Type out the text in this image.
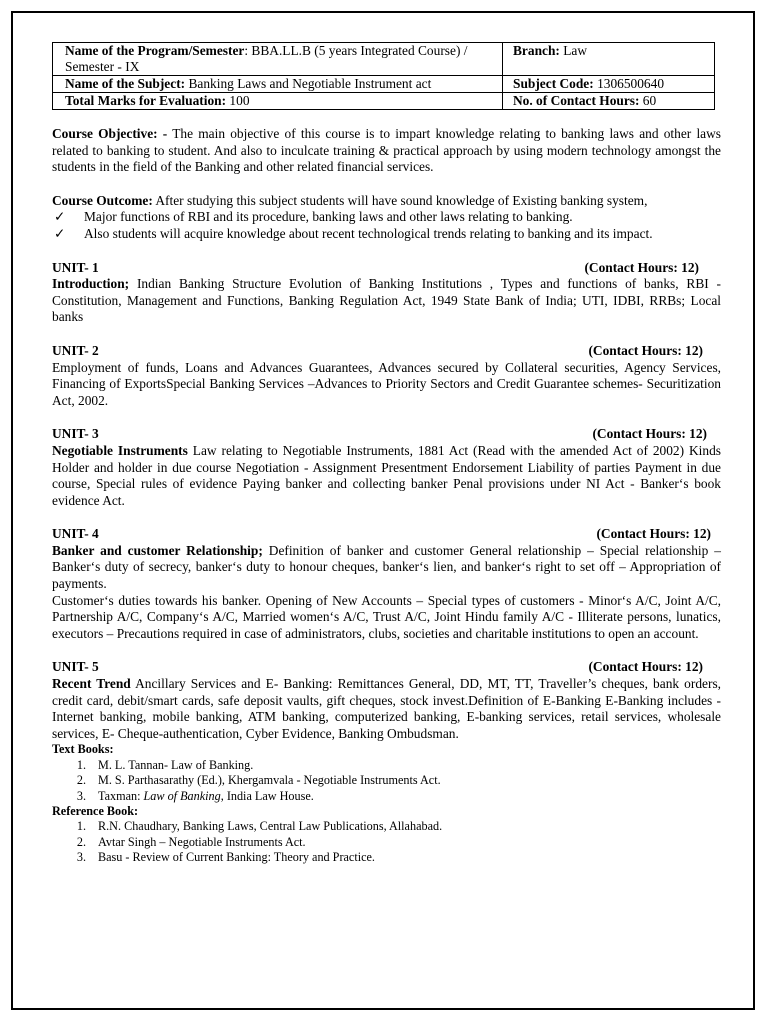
Name of the Program/Semester: BBA.LL.B (5 years Integrated Course) / Semester - IX	Branch: Law
Name of the Subject: Banking Laws and Negotiable Instrument act	Subject Code: 1306500640
Total Marks for Evaluation: 100	No. of Contact Hours: 60

Course Objective: - The main objective of this course is to impart knowledge relating to banking laws and other laws related to banking to student. And also to inculcate training & practical approach by using modern technology amongst the students in the field of the Banking and other related financial services.

Course Outcome: After studying this subject students will have sound knowledge of Existing banking system,

✓	Major functions of RBI and its procedure, banking laws and other laws relating to banking.
✓	Also students will acquire knowledge about recent technological trends relating to banking and its impact.
UNIT- 1	(Contact Hours: 12)

Introduction; Indian Banking Structure Evolution of Banking Institutions , Types and functions of banks, RBI - Constitution, Management and Functions, Banking Regulation Act, 1949 State Bank of India; UTI, IDBI, RRBs; Local banks

UNIT- 2	(Contact Hours: 12)

Employment of funds, Loans and Advances Guarantees, Advances secured by Collateral securities, Agency Services, Financing of ExportsSpecial Banking Services –Advances to Priority Sectors and Credit Guarantee schemes- Securitization Act, 2002.

UNIT- 3	(Contact Hours: 12)

Negotiable Instruments Law relating to Negotiable Instruments, 1881 Act (Read with the amended Act of 2002) Kinds Holder and holder in due course Negotiation - Assignment Presentment Endorsement Liability of parties Payment in due course, Special rules of evidence Paying banker and collecting banker Penal provisions under NI Act - Banker‘s book evidence Act.

UNIT- 4	(Contact Hours: 12)

Banker and customer Relationship; Definition of banker and customer General relationship – Special relationship – Banker‘s duty of secrecy, banker‘s duty to honour cheques, banker‘s lien, and banker‘s right to set off – Appropriation of payments.

Customer‘s duties towards his banker. Opening of New Accounts – Special types of customers - Minor‘s A/C, Joint A/C, Partnership A/C, Company‘s A/C, Married women‘s A/C, Trust A/C, Joint Hindu family A/C - Illiterate persons, lunatics, executors – Precautions required in case of administrators, clubs, societies and charitable institutions to open an account.

UNIT- 5	(Contact Hours: 12)

Recent Trend Ancillary Services and E- Banking: Remittances General, DD, MT, TT, Traveller’s cheques, bank orders, credit card, debit/smart cards, safe deposit vaults, gift cheques, stock invest.Definition of E-Banking E-Banking includes - Internet banking, mobile banking, ATM banking, computerized banking, E-banking services, retail services, wholesale services, E- Cheque-authentication, Cyber Evidence, Banking Ombudsman.

Text Books:
1. M. L. Tannan- Law of Banking.
2. M. S. Parthasarathy (Ed.), Khergamvala - Negotiable Instruments Act.
3. Taxman: Law of Banking, India Law House.
Reference Book:
1. R.N. Chaudhary, Banking Laws, Central Law Publications, Allahabad.
2. Avtar Singh – Negotiable Instruments Act.
3. Basu - Review of Current Banking: Theory and Practice.
